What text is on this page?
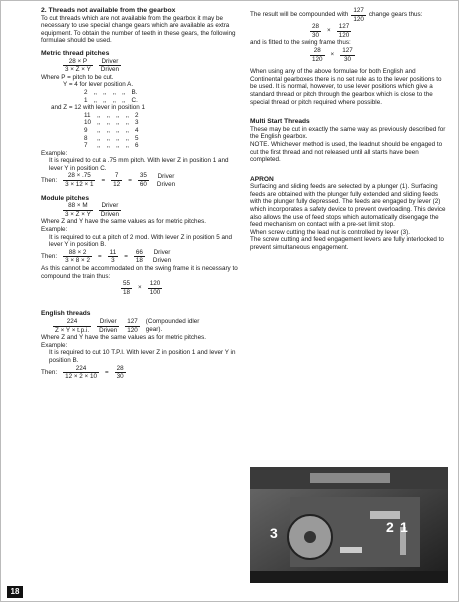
2. Threads not available from the gearbox

To cut threads which are not available from the gearbox it may be necessary to use special change gears which are available as extra equipment. To obtain the number of teeth in these gears, the following formulae should be used.

Metric thread pitches

$\frac{28 \times P}{3 \times Z \times Y} \frac{\text{Driver}}{\text{Driven}}$

Where P = pitch to be cut.

Y = 4 for lever position A.

2	,,	,,	,,	,,	B.
1	,,	,,	,,	,,	C.

and Z = 12 with lever in position 1

11	,,	,,	,,	,,	2
10	,,	,,	,,	,,	3
9	,,	,,	,,	,,	4
8	,,	,,	,,	,,	5
7	,,	,,	,,	,,	6

Example:

It is required to cut a .75 mm pitch. With lever Z in position 1 and lever Y in position C.

Then: $\frac{28 \times .75}{3 \times 12 \times 1} = \frac{7}{12} = \frac{35}{60}$	Driver
Driven

Module pitches

$\frac{88 \times M}{3 \times Z \times Y} \frac{\text{Driver}}{\text{Driven}}$

Where Z and Y have the same values as for metric pitches.

Example:

It is required to cut a pitch of 2 mod. With lever Z in position 5 and lever Y in position B.

Then: $\frac{88 \times 2}{3 \times 8 \times 2} = \frac{11}{3} = \frac{66}{18}$	Driver
Driven

As this cannot be accommodated on the swing frame it is necessary to compound the train thus:

$\frac{55}{18} \times \frac{120}{100}$

English threads

$\frac{224}{Z \times Y \times t.p.i.} \frac{\text{Driver}}{\text{Driven}} \frac{127}{120}$ (Compounded idler gear).

Where Z and Y have the same values as for metric pitches.

Example:

It is required to cut 10 T.P.I. With lever Z in position 1 and lever Y in position B.

Then: $\frac{224}{12 \times 2 \times 10} = \frac{28}{30}$
The result will be compounded with $\frac{127}{120}$ change gears thus:
$\frac{28}{30} \times \frac{127}{120}$

and is fitted to the swing frame thus:

$\frac{28}{120} \times \frac{127}{30}$

When using any of the above formulae for both English and Continental gearboxes there is no set rule as to the lever positions to be used. It is normal, however, to use lever positions which give a standard thread or pitch through the gearbox which is close to the special thread or pitch required where possible.

Multi Start Threads

These may be cut in exactly the same way as previously described for the English gearbox.

NOTE. Whichever method is used, the leadnut should be engaged to cut the first thread and not released until all starts have been completed.

APRON

Surfacing and sliding feeds are selected by a plunger (1). Surfacing feeds are obtained with the plunger fully extended and sliding feeds with the plunger fully depressed. The feeds are engaged by lever (2) which incorporates a safety device to prevent overloading. This device also allows the use of feed stops which automatically disengage the feed mechanism on contact with a pre-set limit stop.

When screw cutting the lead nut is controlled by lever (3).

The screw cutting and feed engagement levers are fully interlocked to prevent simultaneous engagement.

3	2 1
18
